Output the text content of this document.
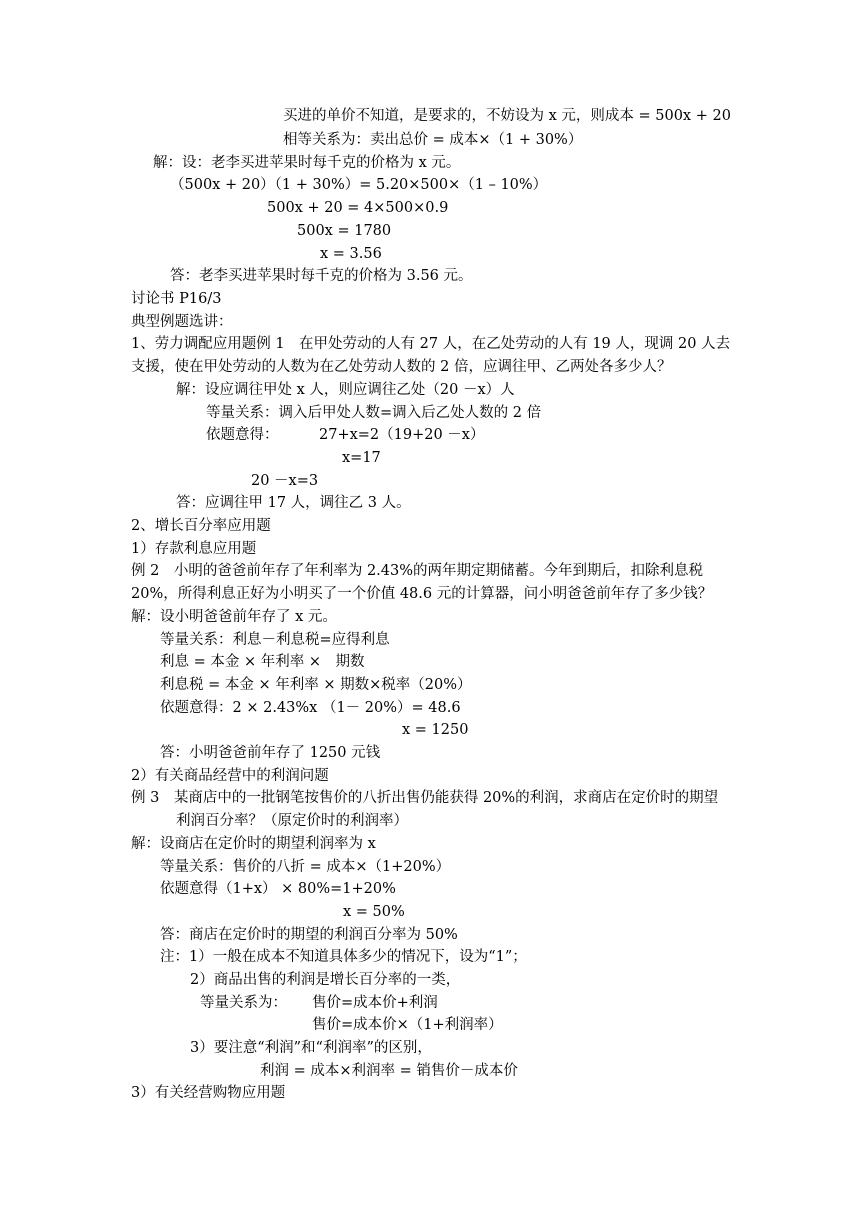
买进的单价不知道，是要求的，不妨设为 x 元，则成本 = 500x + 20
相等关系为：卖出总价 = 成本×（1 + 30%）
解：设：老李买进苹果时每千克的价格为 x 元。
（500x + 20）（1 + 30%）= 5.20×500×（1 – 10%）
500x + 20 = 4×500×0.9
500x = 1780
x = 3.56
答：老李买进苹果时每千克的价格为 3.56 元。
讨论书 P16/3
典型例题选讲：
1、劳力调配应用题例 1　在甲处劳动的人有 27 人，在乙处劳动的人有 19 人，现调 20 人去
支援，使在甲处劳动的人数为在乙处劳动人数的 2 倍，应调往甲、乙两处各多少人？
解：设应调往甲处 x 人，则应调往乙处（20 －x）人
等量关系：调入后甲处人数=调入后乙处人数的 2 倍
依题意得：	27+x=2（19+20 －x）
x=17
20 －x=3
答：应调往甲 17 人，调往乙 3 人。
2、增长百分率应用题
1）存款利息应用题
例 2　小明的爸爸前年存了年利率为 2.43%的两年期定期储蓄。今年到期后，扣除利息税
20%，所得利息正好为小明买了一个价值 48.6 元的计算器，问小明爸爸前年存了多少钱？
解：设小明爸爸前年存了 x 元。
等量关系：利息－利息税=应得利息
利息 = 本金 × 年利率 ×　期数
利息税 = 本金 × 年利率 × 期数×税率（20%）
依题意得：2 × 2.43%x （1－ 20%）= 48.6
x = 1250
答：小明爸爸前年存了 1250 元钱
2）有关商品经营中的利润问题
例 3　某商店中的一批钢笔按售价的八折出售仍能获得 20%的利润，求商店在定价时的期望
利润百分率？（原定价时的利润率）
解：设商店在定价时的期望利润率为 x
等量关系：售价的八折 = 成本×（1+20%）
依题意得（1+x） × 80%=1+20%
x = 50%
答：商店在定价时的期望的利润百分率为 50%
注：1）一般在成本不知道具体多少的情况下，设为“1”；
2）商品出售的利润是增长百分率的一类，
等量关系为： 售价=成本价+利润
售价=成本价×（1+利润率）
3）要注意“利润”和“利润率”的区别，
利润 = 成本×利润率 = 销售价－成本价
3）有关经营购物应用题
